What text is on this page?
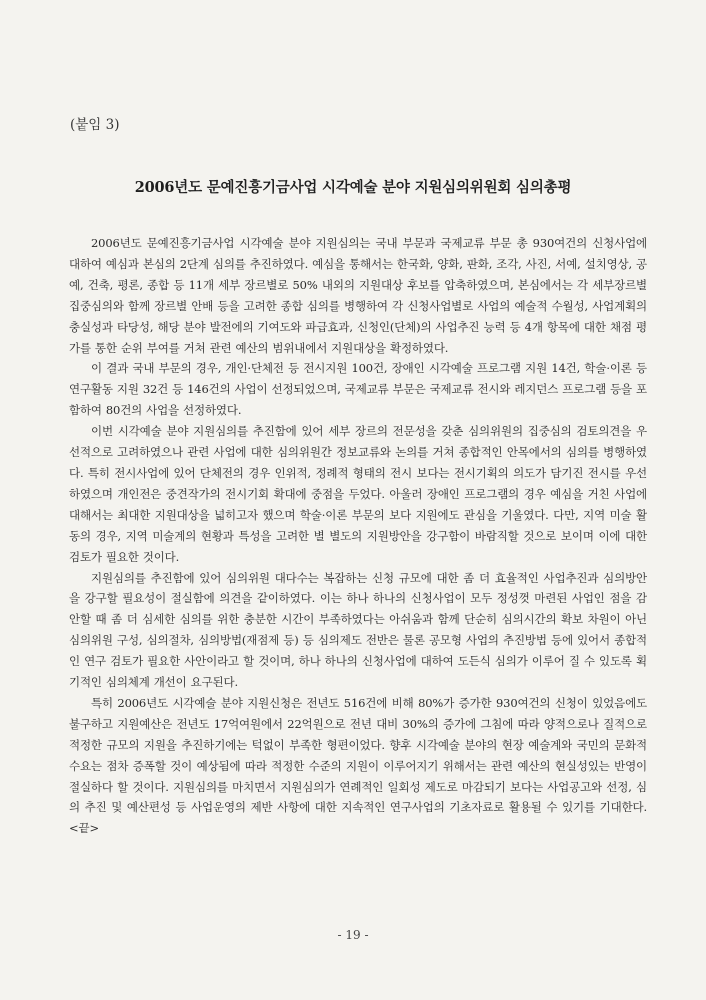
(붙임 3)
2006년도 문예진흥기금사업 시각예술 분야 지원심의위원회 심의총평

2006년도 문예진흥기금사업 시각예술 분야 지원심의는 국내 부문과 국제교류 부문 총 930여건의 신청사업에 대하여 예심과 본심의 2단계 심의를 추진하였다. 예심을 통해서는 한국화, 양화, 판화, 조각, 사진, 서예, 설치영상, 공예, 건축, 평론, 종합 등 11개 세부 장르별로 50% 내외의 지원대상 후보를 압축하였으며, 본심에서는 각 세부장르별 집중심의와 함께 장르별 안배 등을 고려한 종합 심의를 병행하여 각 신청사업별로 사업의 예술적 수월성, 사업계획의 충실성과 타당성, 해당 분야 발전에의 기여도와 파급효과, 신청인(단체)의 사업추진 능력 등 4개 항목에 대한 채점 평가를 통한 순위 부여를 거쳐 관련 예산의 범위내에서 지원대상을 확정하였다.

이 결과 국내 부문의 경우, 개인·단체전 등 전시지원 100건, 장애인 시각예술 프로그램 지원 14건, 학술·이론 등 연구활동 지원 32건 등 146건의 사업이 선정되었으며, 국제교류 부문은 국제교류 전시와 레지던스 프로그램 등을 포함하여 80건의 사업을 선정하였다.

이번 시각예술 분야 지원심의를 추진함에 있어 세부 장르의 전문성을 갖춘 심의위원의 집중심의 검토의견을 우선적으로 고려하였으나 관련 사업에 대한 심의위원간 정보교류와 논의를 거쳐 종합적인 안목에서의 심의를 병행하였다. 특히 전시사업에 있어 단체전의 경우 인위적, 정례적 형태의 전시 보다는 전시기획의 의도가 담기진 전시를 우선하였으며 개인전은 중견작가의 전시기회 확대에 중점을 두었다. 아울러 장애인 프로그램의 경우 예심을 거친 사업에 대해서는 최대한 지원대상을 넓히고자 했으며 학술·이론 부문의 보다 지원에도 관심을 기울였다. 다만, 지역 미술 활동의 경우, 지역 미술계의 현황과 특성을 고려한 별 별도의 지원방안을 강구함이 바람직할 것으로 보이며 이에 대한 검토가 필요한 것이다.

지원심의를 추진함에 있어 심의위원 대다수는 복잡하는 신청 규모에 대한 좀 더 효율적인 사업추진과 심의방안을 강구할 필요성이 절실함에 의견을 같이하였다. 이는 하나 하나의 신청사업이 모두 정성껏 마련된 사업인 점을 감안할 때 좀 더 심세한 심의를 위한 충분한 시간이 부족하였다는 아쉬움과 함께 단순히 심의시간의 확보 차원이 아닌 심의위원 구성, 심의절차, 심의방법(재점제 등) 등 심의제도 전반은 물론 공모형 사업의 추진방법 등에 있어서 종합적인 연구 검토가 필요한 사안이라고 할 것이며, 하나 하나의 신청사업에 대하여 도든식 심의가 이루어 질 수 있도록 획기적인 심의체계 개선이 요구된다.

특히 2006년도 시각예술 분야 지원신청은 전년도 516건에 비해 80%가 증가한 930여건의 신청이 있었음에도 불구하고 지원예산은 전년도 17억여원에서 22억원으로 전년 대비 30%의 증가에 그침에 따라 양적으로나 질적으로 적정한 규모의 지원을 추진하기에는 턱없이 부족한 형편이었다. 향후 시각예술 분야의 현장 예술계와 국민의 문화적 수요는 점차 증폭할 것이 예상됨에 따라 적정한 수준의 지원이 이루어지기 위해서는 관련 예산의 현실성있는 반영이 절실하다 할 것이다. 지원심의를 마치면서 지원심의가 연례적인 일회성 제도로 마감되기 보다는 사업공고와 선정, 심의 추진 및 예산편성 등 사업운영의 제반 사항에 대한 지속적인 연구사업의 기초자료로 활용될 수 있기를 기대한다. <끝>

- 19 -
